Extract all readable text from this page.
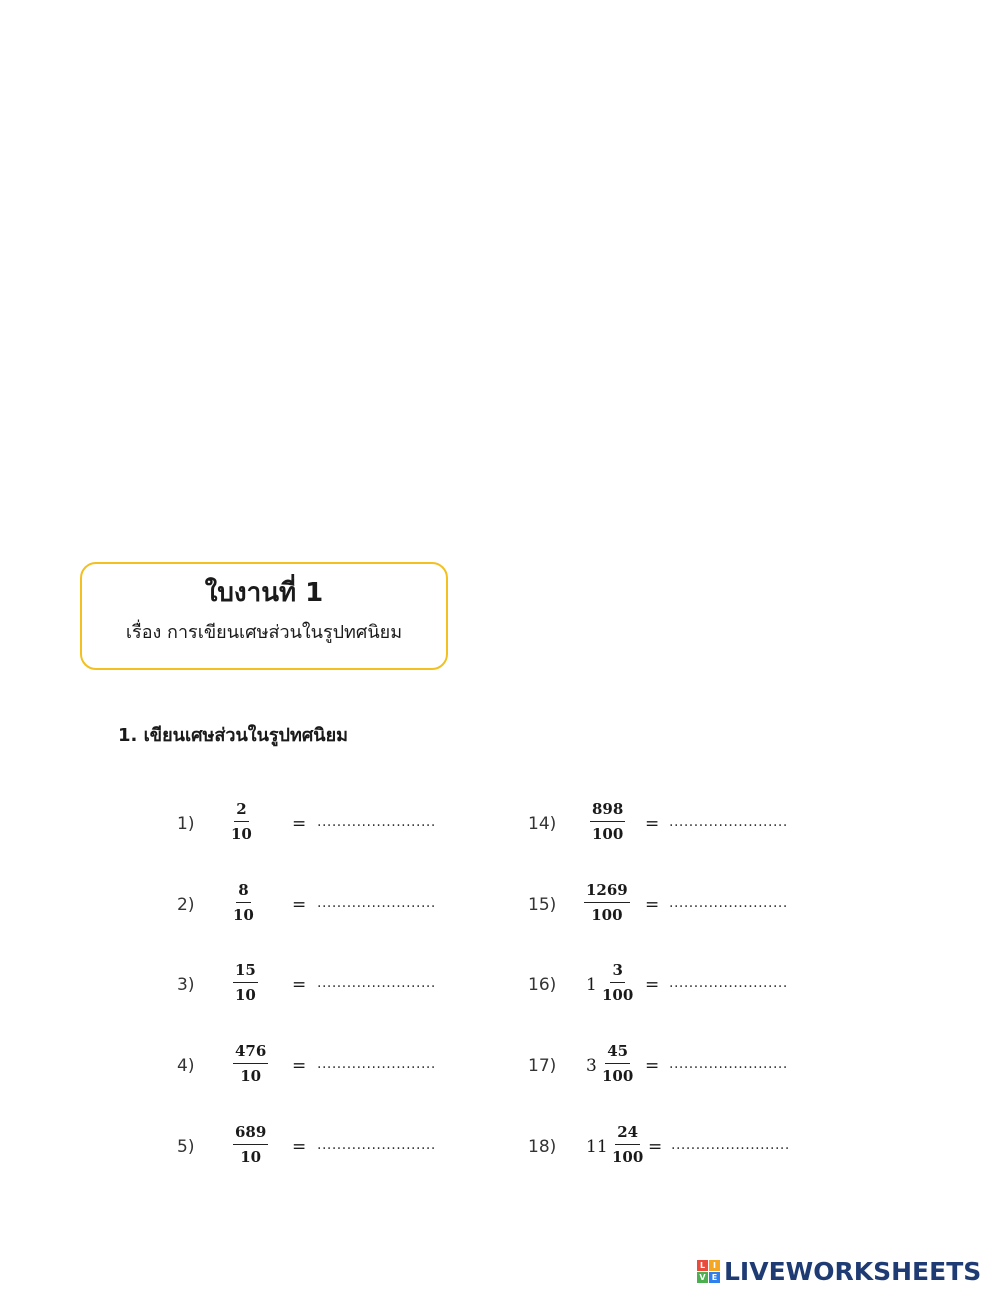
ใบงานที่ 1
เรื่อง การเขียนเศษส่วนในรูปทศนิยม
1. เขียนเศษส่วนในรูปทศนิยม
$1) \frac{2}{10}$ = ........................
2)	$\frac{8}{10}$ = ........................
3)	$\frac{15}{10}$ = ........................
4)	$\frac{476}{10}$ = ........................
5)	$\frac{689}{10}$ = ........................
$14) \frac{898}{100}$ = ........................
$15) \frac{1269}{100}$ = ........................
16) $1 \frac{3}{100}$ = ........................
17) $3 \frac{45}{100}$ = ........................
18) $11 \frac{24}{100}$ = ........................
L I
V E LIVEWORKSHEETS
